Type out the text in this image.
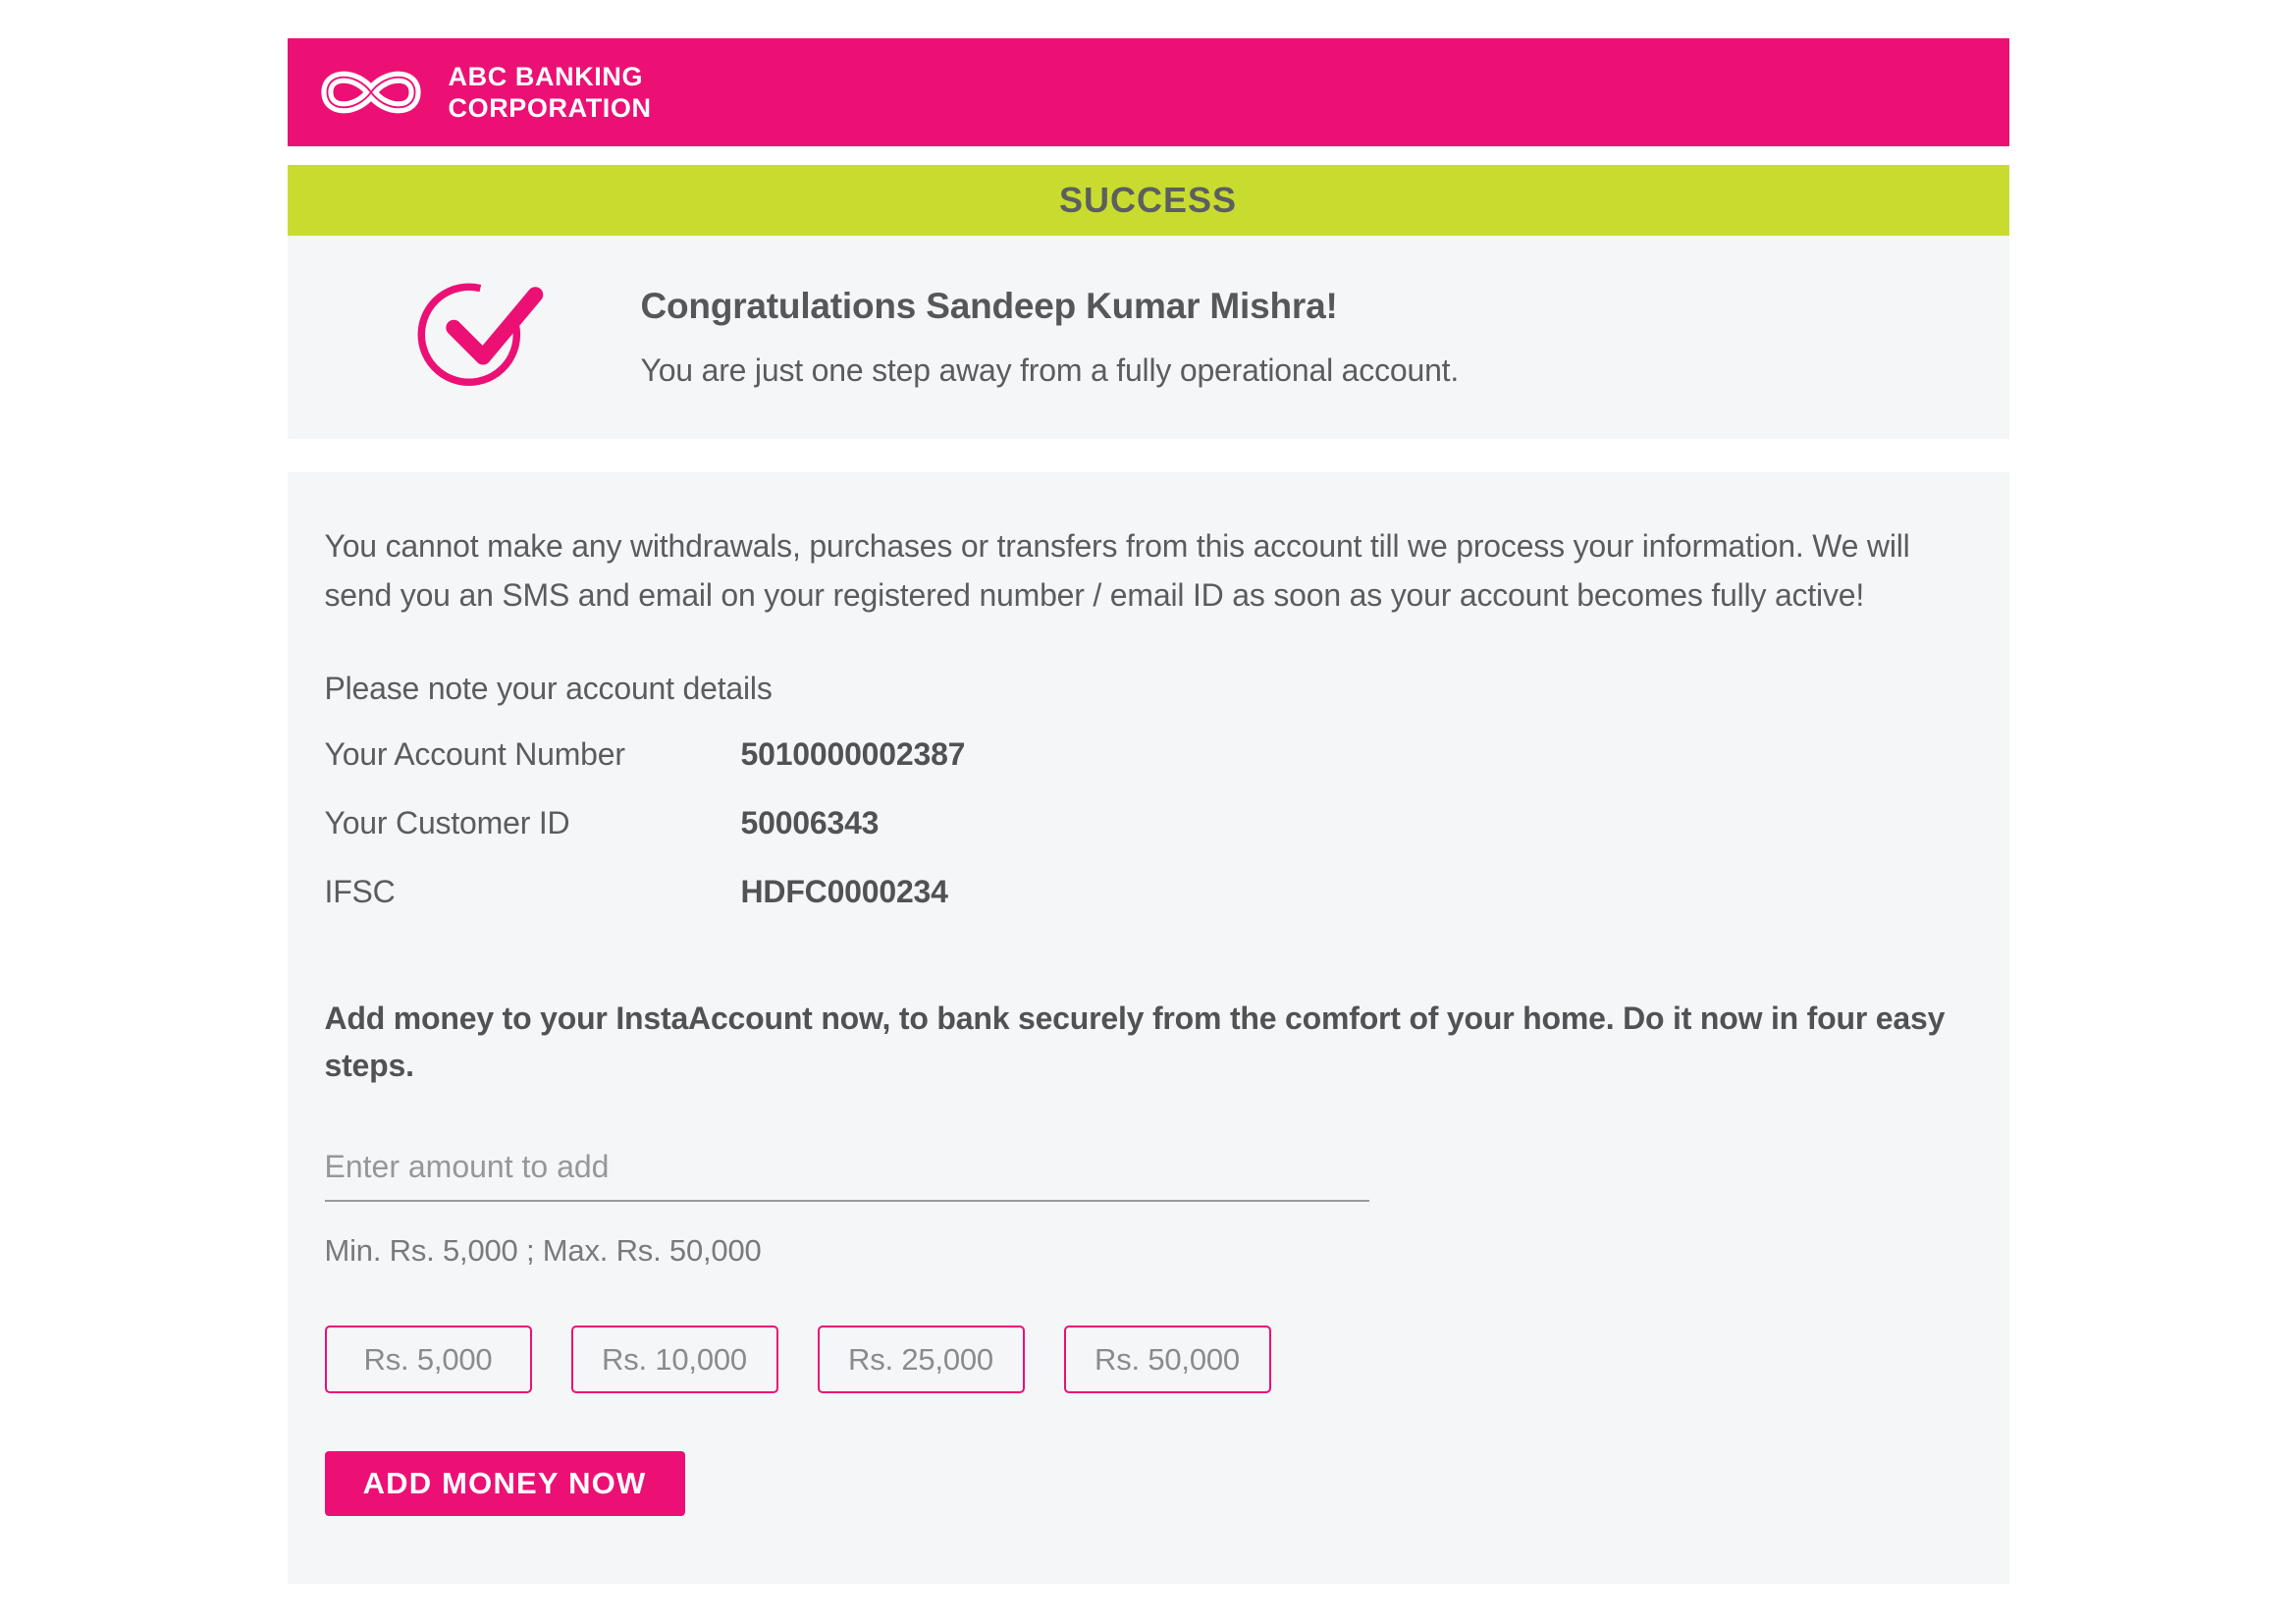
ABC BANKING
CORPORATION
SUCCESS
Congratulations Sandeep Kumar Mishra!

You are just one step away from a fully operational account.

You cannot make any withdrawals, purchases or transfers from this account till we process your information. We will send you an SMS and email on your registered number / email ID as soon as your account becomes fully active!

Please note your account details

Your Account Number	5010000002387
Your Customer ID	50006343
IFSC	HDFC0000234

Add money to your InstaAccount now, to bank securely from the comfort of your home. Do it now in four easy steps.

Enter amount to add

Min. Rs. 5,000 ; Max. Rs. 50,000

Rs. 5,000	Rs. 10,000	Rs. 25,000	Rs. 50,000
ADD MONEY NOW
